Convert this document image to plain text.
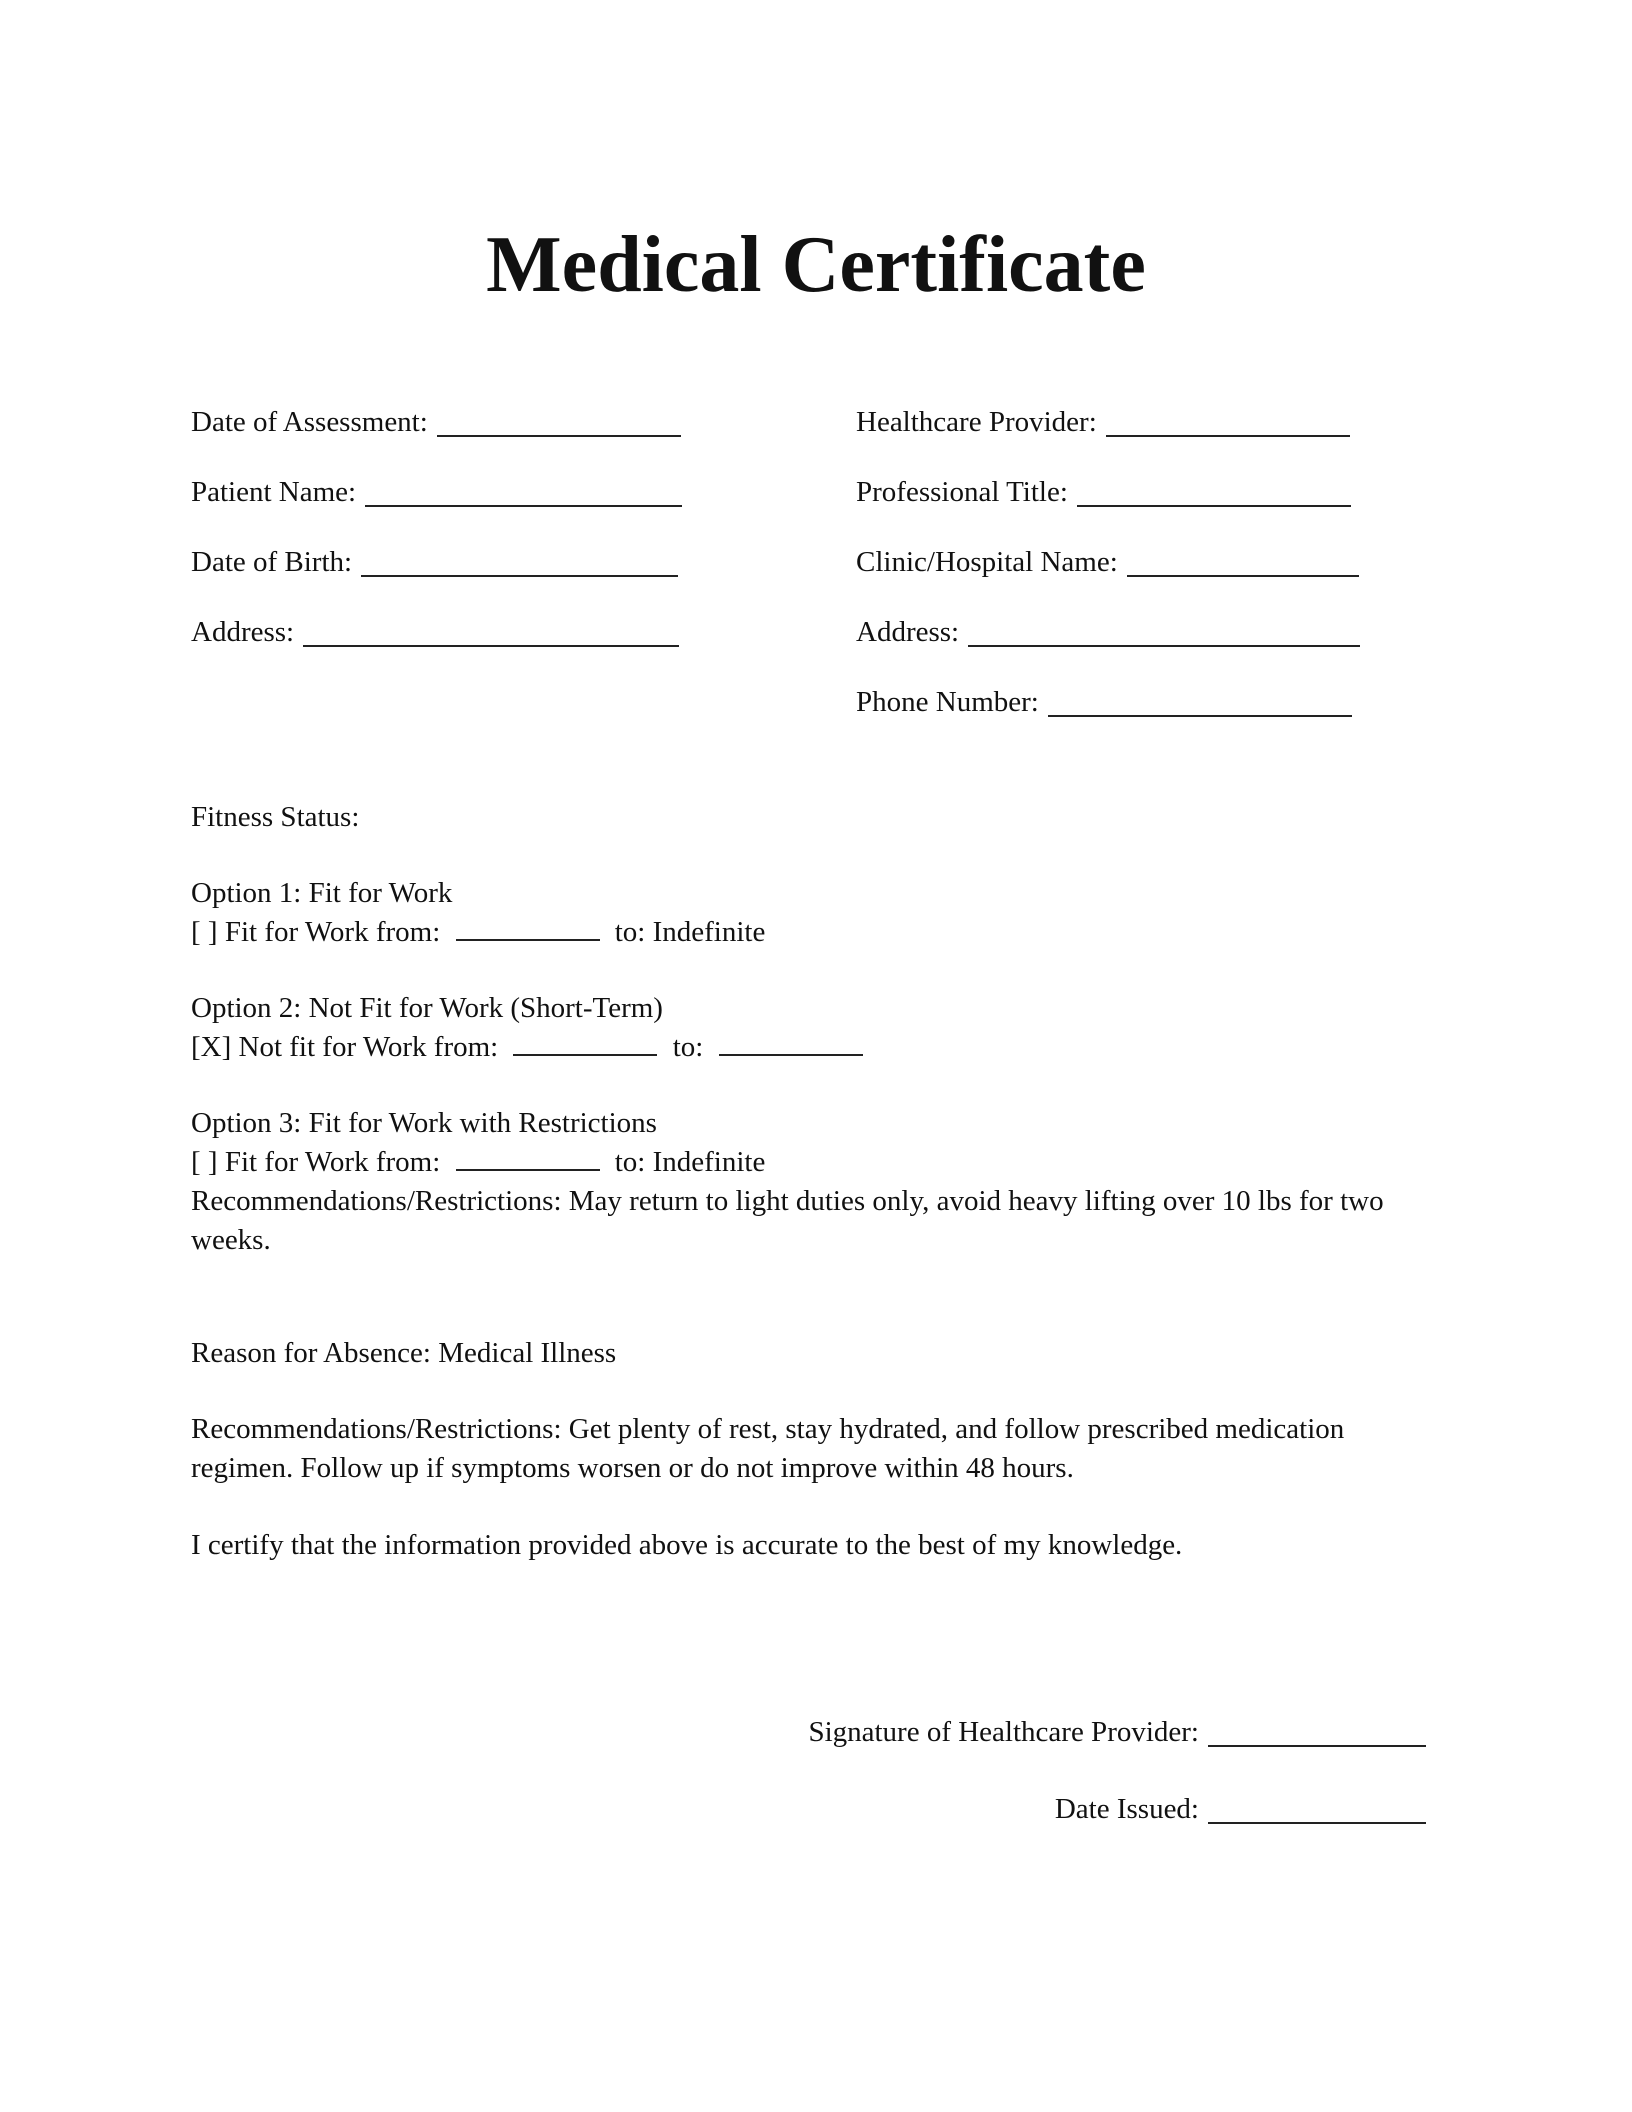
Medical Certificate
Date of Assessment:
Patient Name:
Date of Birth:
Address:
Healthcare Provider:
Professional Title:
Clinic/Hospital Name:
Address:
Phone Number:

Fitness Status:

Option 1: Fit for Work

[ ] Fit for Work from:	to: Indefinite

Option 2: Not Fit for Work (Short-Term)

[X] Not fit for Work from:	to:

Option 3: Fit for Work with Restrictions

[ ] Fit for Work from:	to: Indefinite

Recommendations/Restrictions: May return to light duties only, avoid heavy lifting over 10 lbs for two weeks.

Reason for Absence: Medical Illness

Recommendations/Restrictions: Get plenty of rest, stay hydrated, and follow prescribed medication regimen. Follow up if symptoms worsen or do not improve within 48 hours.

I certify that the information provided above is accurate to the best of my knowledge.

Signature of Healthcare Provider:
Date Issued:
